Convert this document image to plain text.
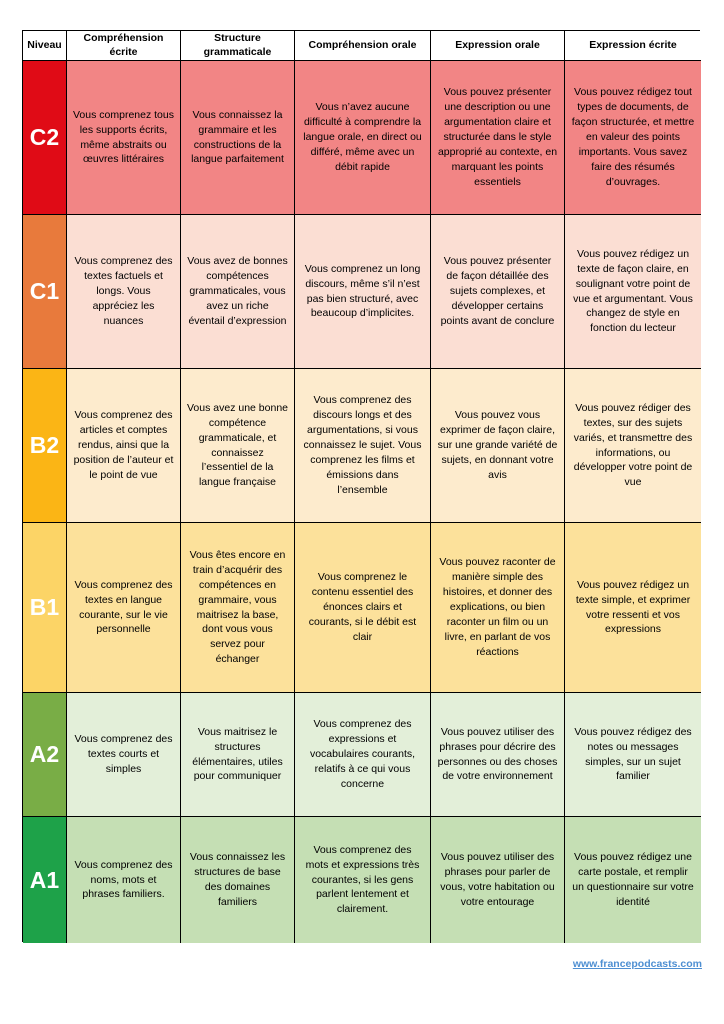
Niveau
Compréhension écrite
Structure grammaticale
Compréhension orale	Expression orale	Expression écrite
C2
Vous comprenez tous les supports écrits, même abstraits ou œuvres littéraires
Vous connaissez la grammaire et les constructions de la langue parfaitement
Vous n’avez aucune difficulté à comprendre la langue orale, en direct ou différé, même avec un débit rapide
Vous pouvez présenter une description ou une argumentation claire et structurée dans le style approprié au contexte, en marquant les points essentiels
Vous pouvez rédigez tout types de documents, de façon structurée, et mettre en valeur des points importants. Vous savez faire des résumés d’ouvrages.
C1
Vous comprenez des textes factuels et longs. Vous appréciez les nuances
Vous avez de bonnes compétences grammaticales, vous avez un riche éventail d’expression
Vous comprenez un long discours, même s’il n’est pas bien structuré, avec beaucoup d’implicites.
Vous pouvez présenter de façon détaillée des sujets complexes, et développer certains points avant de conclure
Vous pouvez rédigez un texte de façon claire, en soulignant votre point de vue et argumentant. Vous changez de style en fonction du lecteur
B2
Vous comprenez des articles et comptes rendus, ainsi que la position de l’auteur et le point de vue
Vous avez une bonne compétence grammaticale, et connaissez l’essentiel de la langue française
Vous comprenez des discours longs et des argumentations, si vous connaissez le sujet. Vous comprenez les films et émissions dans l’ensemble
Vous pouvez vous exprimer de façon claire, sur une grande variété de sujets, en donnant votre avis
Vous pouvez rédiger des textes, sur des sujets variés, et transmettre des informations, ou développer votre point de vue
B1
Vous comprenez des textes en langue courante, sur le vie personnelle
Vous êtes encore en train d’acquérir des compétences en grammaire, vous maitrisez la base, dont vous vous servez pour échanger
Vous comprenez le contenu essentiel des énonces clairs et courants, si le débit est clair
Vous pouvez raconter de manière simple des histoires, et donner des explications, ou bien raconter un film ou un livre, en parlant de vos réactions
Vous pouvez rédigez un texte simple, et exprimer votre ressenti et vos expressions
A2
Vous comprenez des textes courts et simples
Vous maitrisez le structures élémentaires, utiles pour communiquer
Vous comprenez des expressions et vocabulaires courants, relatifs à ce qui vous concerne
Vous pouvez utiliser des phrases pour décrire des personnes ou des choses de votre environnement
Vous pouvez rédigez des notes ou messages simples, sur un sujet familier
A1
Vous comprenez des noms, mots et phrases familiers.
Vous connaissez les structures de base des domaines familiers
Vous comprenez des mots et expressions très courantes, si les gens parlent lentement et clairement.
Vous pouvez utiliser des phrases pour parler de vous, votre habitation ou votre entourage
Vous pouvez rédigez une carte postale, et remplir un questionnaire sur votre identité
www.francepodcasts.com
